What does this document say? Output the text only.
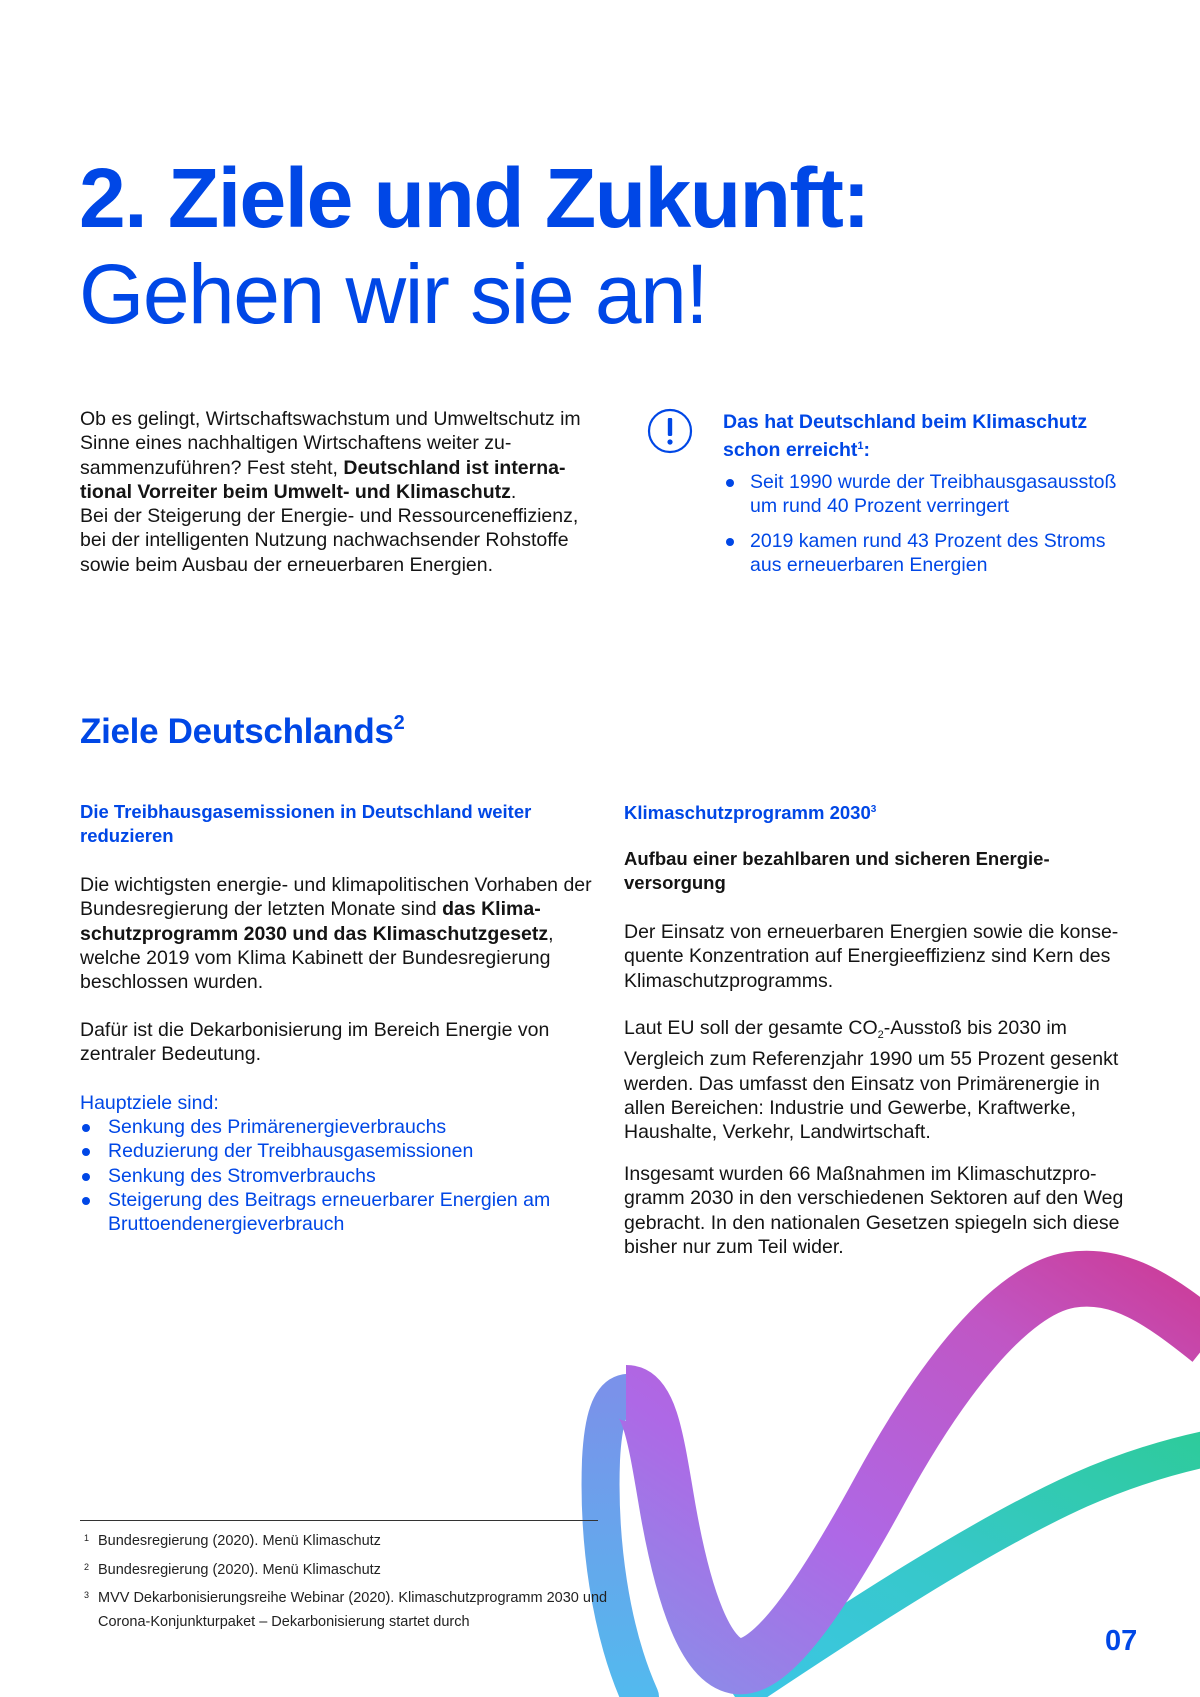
2. Ziele und Zukunft:
Gehen wir sie an!
Ob es gelingt, Wirtschaftswachstum und Umweltschutz im Sinne eines nachhaltigen Wirtschaftens weiter zusammenzuführen? Fest steht, Deutschland ist international Vorreiter beim Umwelt- und Klimaschutz.
Bei der Steigerung der Energie- und Ressourceneffizienz, bei der intelligenten Nutzung nachwachsender Rohstoffe sowie beim Ausbau der erneuerbaren Energien.
Das hat Deutschland beim Klimaschutz schon erreicht$^1$:
Seit 1990 wurde der Treibhausgasausstoß um rund 40 Prozent verringert
2019 kamen rund 43 Prozent des Stroms aus erneuerbaren Energien
Ziele Deutschlands$^2$
Die Treibhausgasemissionen in Deutschland weiter reduzieren

Die wichtigsten energie- und klimapolitischen Vorhaben der Bundesregierung der letzten Monate sind das Klimaschutzprogramm 2030 und das Klimaschutzgesetz, welche 2019 vom Klima Kabinett der Bundesregierung beschlossen wurden.

Dafür ist die Dekarbonisierung im Bereich Energie von zentraler Bedeutung.

Hauptziele sind:
Senkung des Primärenergieverbrauchs
Reduzierung der Treibhausgasemissionen
Senkung des Stromverbrauchs
Steigerung des Beitrags erneuerbarer Energien am Bruttoendenergieverbrauch
Klimaschutzprogramm 2030$^3$
Aufbau einer bezahlbaren und sicheren Energieversorgung

Der Einsatz von erneuerbaren Energien sowie die konsequente Konzentration auf Energieeffizienz sind Kern des Klimaschutzprogramms.

Laut EU soll der gesamte $CO_2$-Ausstoß bis 2030 im Vergleich zum Referenzjahr 1990 um 55 Prozent gesenkt werden. Das umfasst den Einsatz von Primärenergie in allen Bereichen: Industrie und Gewerbe, Kraftwerke, Haushalte, Verkehr, Landwirtschaft.

Insgesamt wurden 66 Maßnahmen im Klimaschutzprogramm 2030 in den verschiedenen Sektoren auf den Weg gebracht. In den nationalen Gesetzen spiegeln sich diese bisher nur zum Teil wider.

1 Bundesregierung (2020). Menü Klimaschutz
2 Bundesregierung (2020). Menü Klimaschutz
3 MVV Dekarbonisierungsreihe Webinar (2020). Klimaschutzprogramm 2030 und Corona-Konjunkturpaket – Dekarbonisierung startet durch
07
